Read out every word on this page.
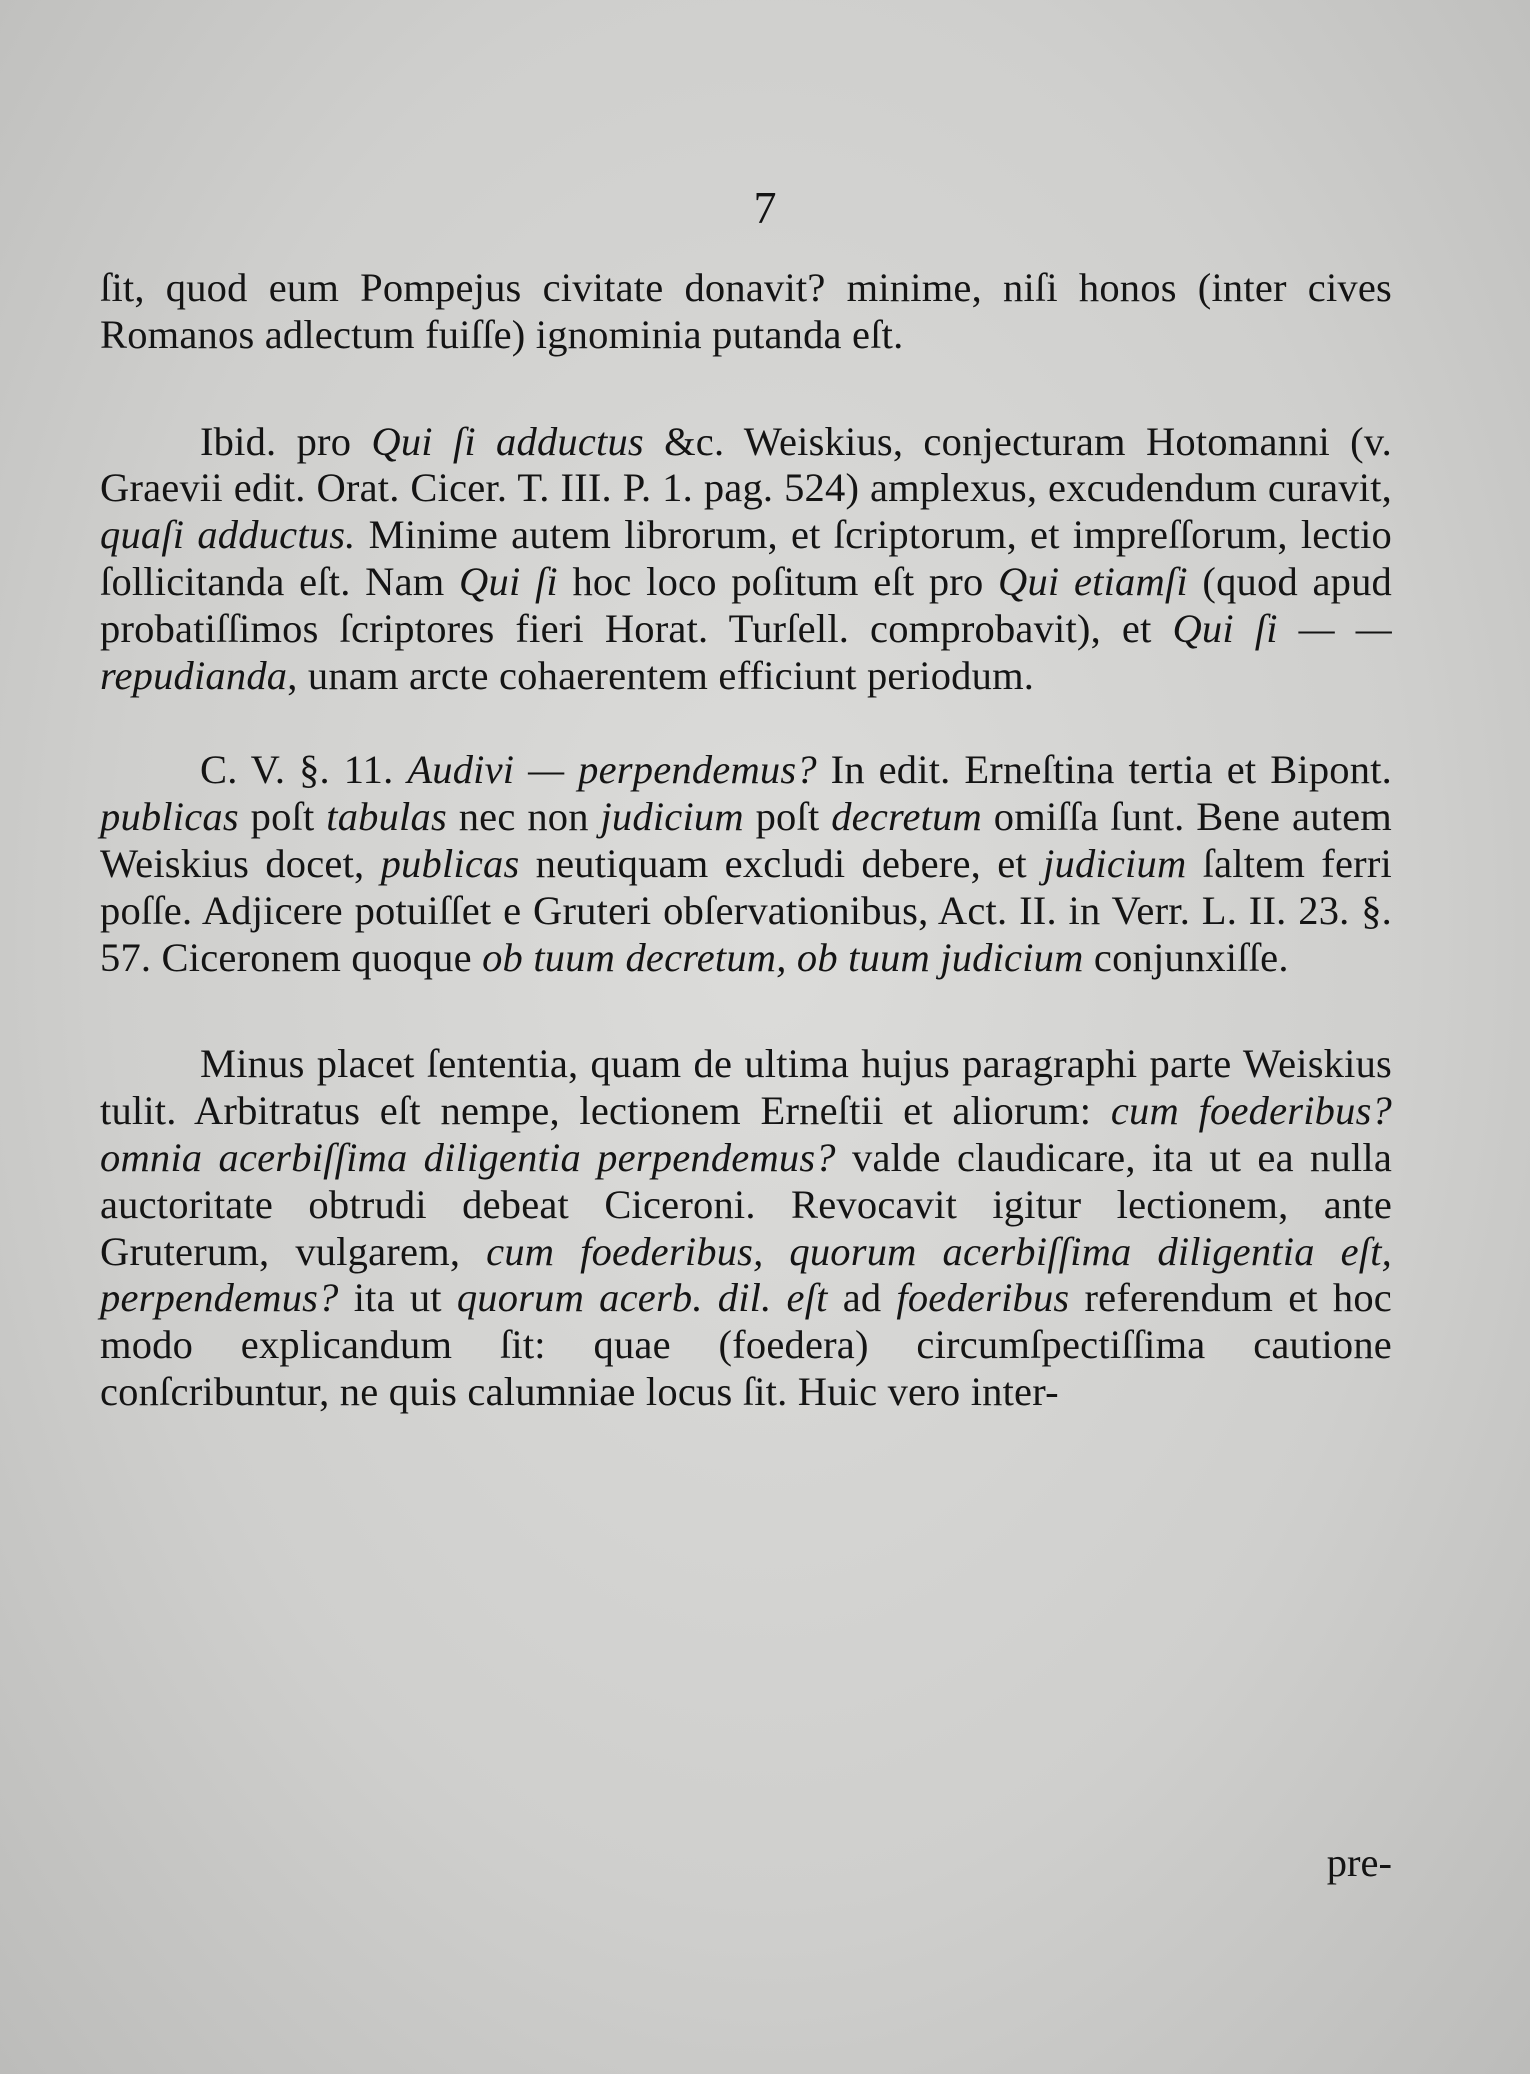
7

ſit, quod eum Pompejus civitate donavit? minime, niſi honos (inter cives Romanos adlectum fuiſſe) ignominia putanda eſt.

Ibid. pro Qui ſi adductus &c. Weiskius, conjecturam Hotomanni (v. Graevii edit. Orat. Cicer. T. III. P. 1. pag. 524) amplexus, excudendum curavit, quaſi adductus. Minime autem librorum, et ſcriptorum, et impreſſorum, lectio ſollicitanda eſt. Nam Qui ſi hoc loco poſitum eſt pro Qui etiamſi (quod apud probatiſſimos ſcriptores fieri Horat. Turſell. comprobavit), et Qui ſi — — repudianda, unam arcte cohaerentem efficiunt periodum.

C. V. §. 11. Audivi — perpendemus? In edit. Erneſtina tertia et Bipont. publicas poſt tabulas nec non judicium poſt decretum omiſſa ſunt. Bene autem Weiskius docet, publicas neutiquam excludi debere, et judicium ſaltem ferri poſſe. Adjicere potuiſſet e Gruteri obſervationibus, Act. II. in Verr. L. II. 23. §. 57. Ciceronem quoque ob tuum decretum, ob tuum judicium conjunxiſſe.

Minus placet ſententia, quam de ultima hujus paragraphi parte Weiskius tulit. Arbitratus eſt nempe, lectionem Erneſtii et aliorum: cum foederibus? omnia acerbiſſima diligentia perpendemus? valde claudicare, ita ut ea nulla auctoritate obtrudi debeat Ciceroni. Revocavit igitur lectionem, ante Gruterum, vulgarem, cum foederibus, quorum acerbiſſima diligentia eſt, perpendemus? ita ut quorum acerb. dil. eſt ad foederibus referendum et hoc modo explicandum ſit: quae (foedera) circumſpectiſſima cautione conſcribuntur, ne quis calumniae locus ſit. Huic vero inter-

pre-
